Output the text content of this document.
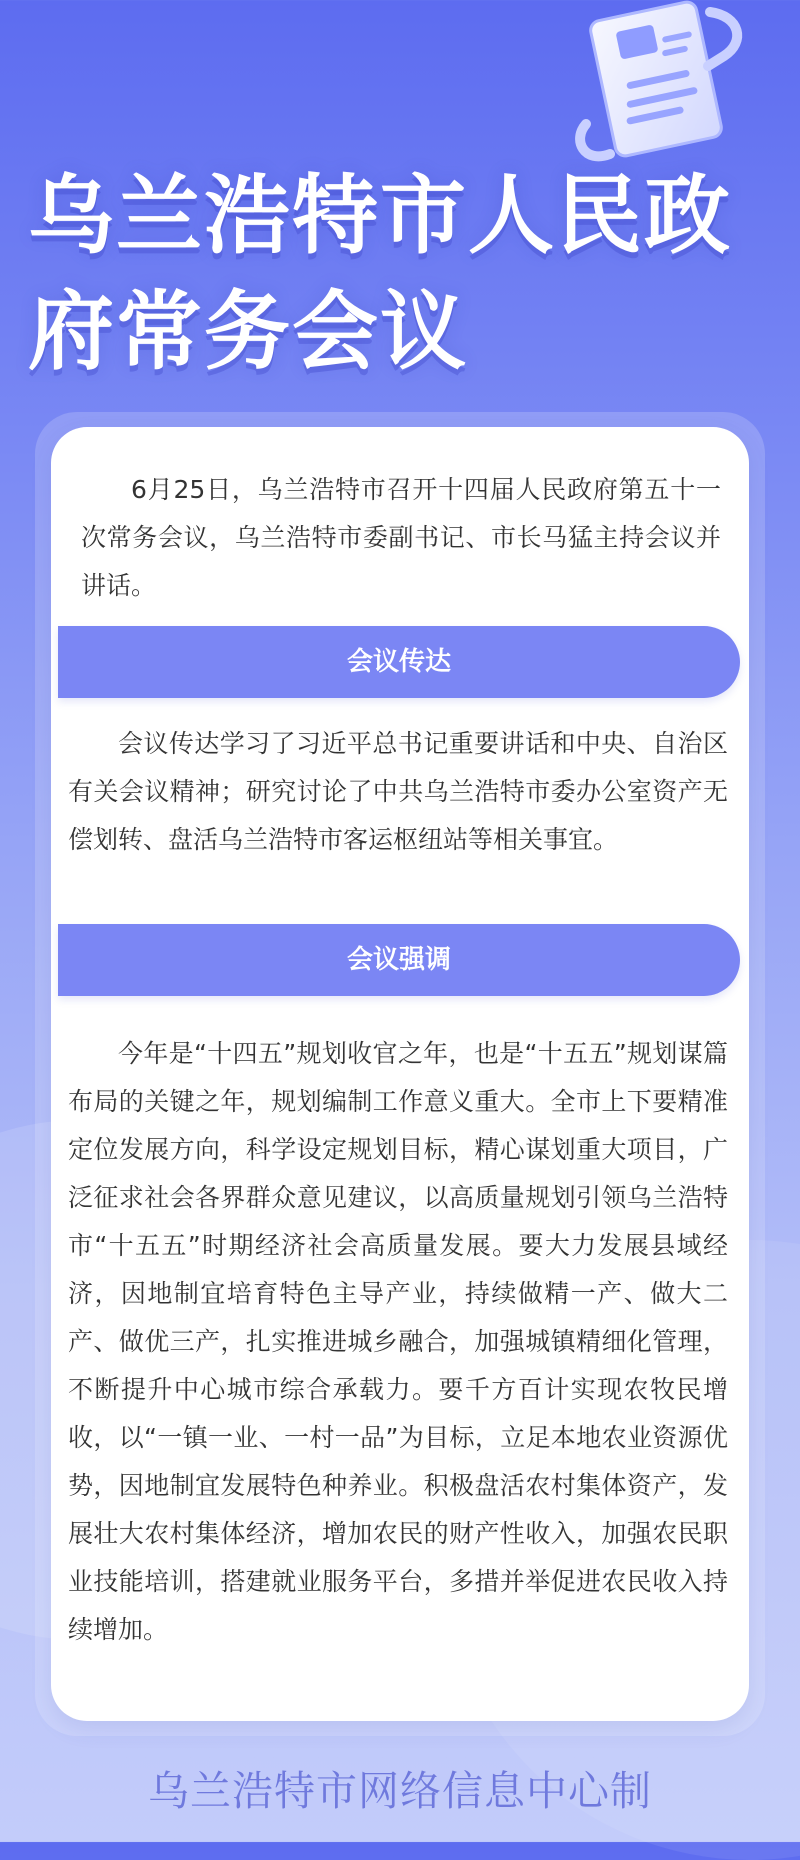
乌兰浩特市人民政府常务会议

6月25日，乌兰浩特市召开十四届人民政府第五十一次常务会议，乌兰浩特市委副书记、市长马猛主持会议并讲话。

会议传达

会议传达学习了习近平总书记重要讲话和中央、自治区有关会议精神；研究讨论了中共乌兰浩特市委办公室资产无偿划转、盘活乌兰浩特市客运枢纽站等相关事宜。

会议强调

今年是“十四五”规划收官之年，也是“十五五”规划谋篇布局的关键之年，规划编制工作意义重大。全市上下要精准定位发展方向，科学设定规划目标，精心谋划重大项目，广泛征求社会各界群众意见建议，以高质量规划引领乌兰浩特市“十五五”时期经济社会高质量发展。要大力发展县域经济，因地制宜培育特色主导产业，持续做精一产、做大二产、做优三产，扎实推进城乡融合，加强城镇精细化管理，不断提升中心城市综合承载力。要千方百计实现农牧民增收，以“一镇一业、一村一品”为目标，立足本地农业资源优势，因地制宜发展特色种养业。积极盘活农村集体资产，发展壮大农村集体经济，增加农民的财产性收入，加强农民职业技能培训，搭建就业服务平台，多措并举促进农民收入持续增加。

乌兰浩特市网络信息中心制
